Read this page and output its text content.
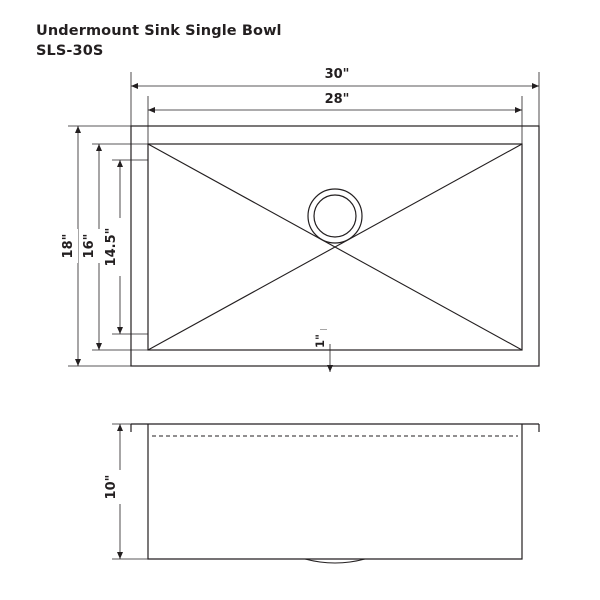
Undermount Sink Single Bowl
SLS-30S
30"
28"
18" 16" 14.5"
1"
10"
